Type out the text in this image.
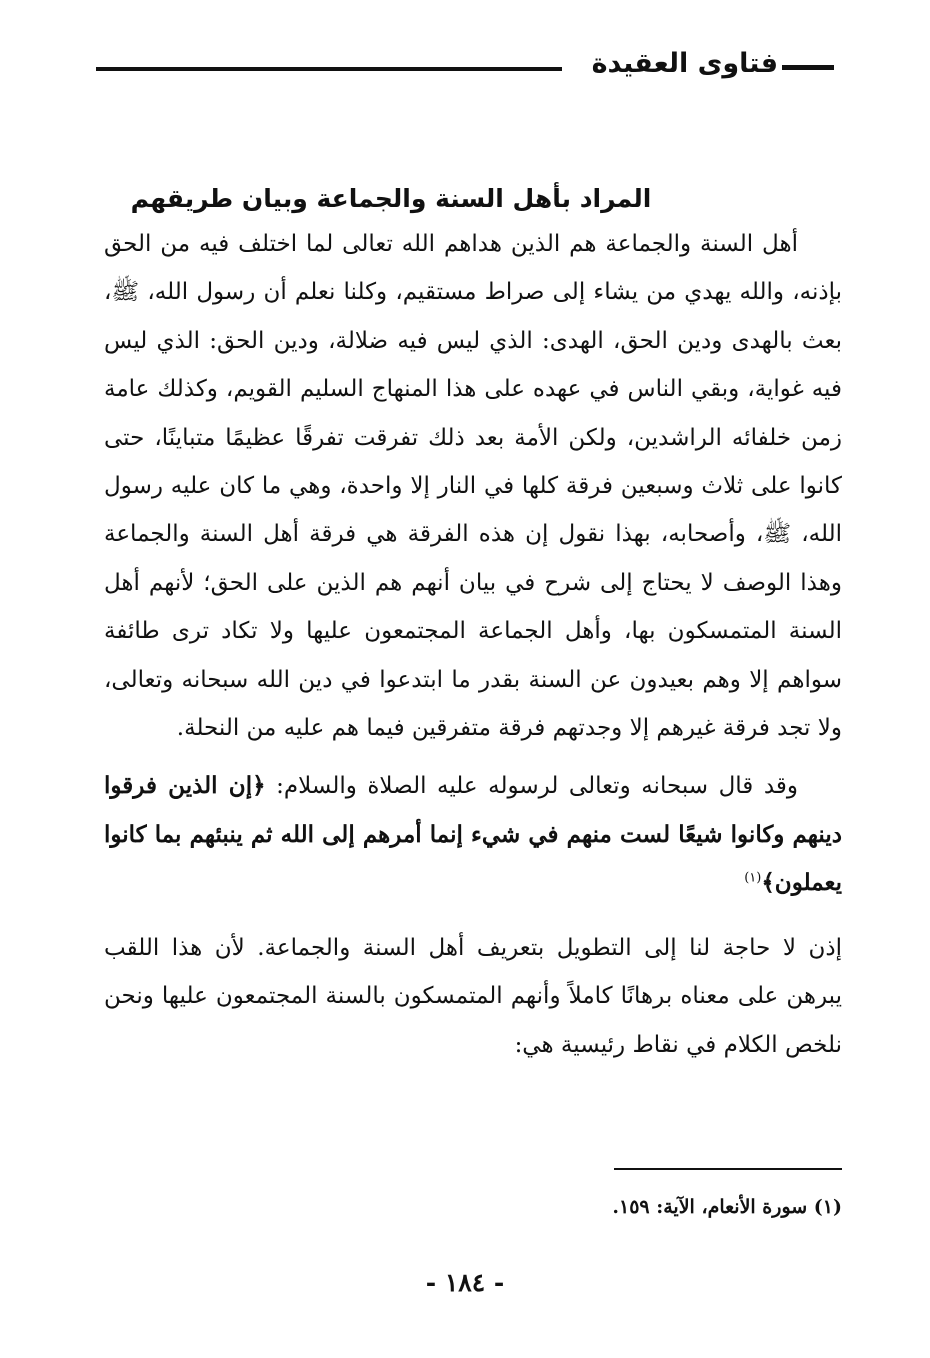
فتاوى العقيدة
المراد بأهل السنة والجماعة وبيان طريقهم

أهل السنة والجماعة هم الذين هداهم الله تعالى لما اختلف فيه من الحق بإذنه، والله يهدي من يشاء إلى صراط مستقيم، وكلنا نعلم أن رسول الله، ﷺ، بعث بالهدى ودين الحق، الهدى: الذي ليس فيه ضلالة، ودين الحق: الذي ليس فيه غواية، وبقي الناس في عهده على هذا المنهاج السليم القويم، وكذلك عامة زمن خلفائه الراشدين، ولكن الأمة بعد ذلك تفرقت تفرقًا عظيمًا متباينًا، حتى كانوا على ثلاث وسبعين فرقة كلها في النار إلا واحدة، وهي ما كان عليه رسول الله، ﷺ، وأصحابه، بهذا نقول إن هذه الفرقة هي فرقة أهل السنة والجماعة وهذا الوصف لا يحتاج إلى شرح في بيان أنهم هم الذين على الحق؛ لأنهم أهل السنة المتمسكون بها، وأهل الجماعة المجتمعون عليها ولا تكاد ترى طائفة سواهم إلا وهم بعيدون عن السنة بقدر ما ابتدعوا في دين الله سبحانه وتعالى، ولا تجد فرقة غيرهم إلا وجدتهم فرقة متفرقين فيما هم عليه من النحلة.

وقد قال سبحانه وتعالى لرسوله عليه الصلاة والسلام: ﴿إن الذين فرقوا دينهم وكانوا شيعًا لست منهم في شيء إنما أمرهم إلى الله ثم ينبئهم بما كانوا يعملون﴾$^{(١)}$

إذن لا حاجة لنا إلى التطويل بتعريف أهل السنة والجماعة. لأن هذا اللقب يبرهن على معناه برهانًا كاملاً وأنهم المتمسكون بالسنة المجتمعون عليها ونحن نلخص الكلام في نقاط رئيسية هي:

(١) سورة الأنعام، الآية: ١٥٩.
- ١٨٤ -
